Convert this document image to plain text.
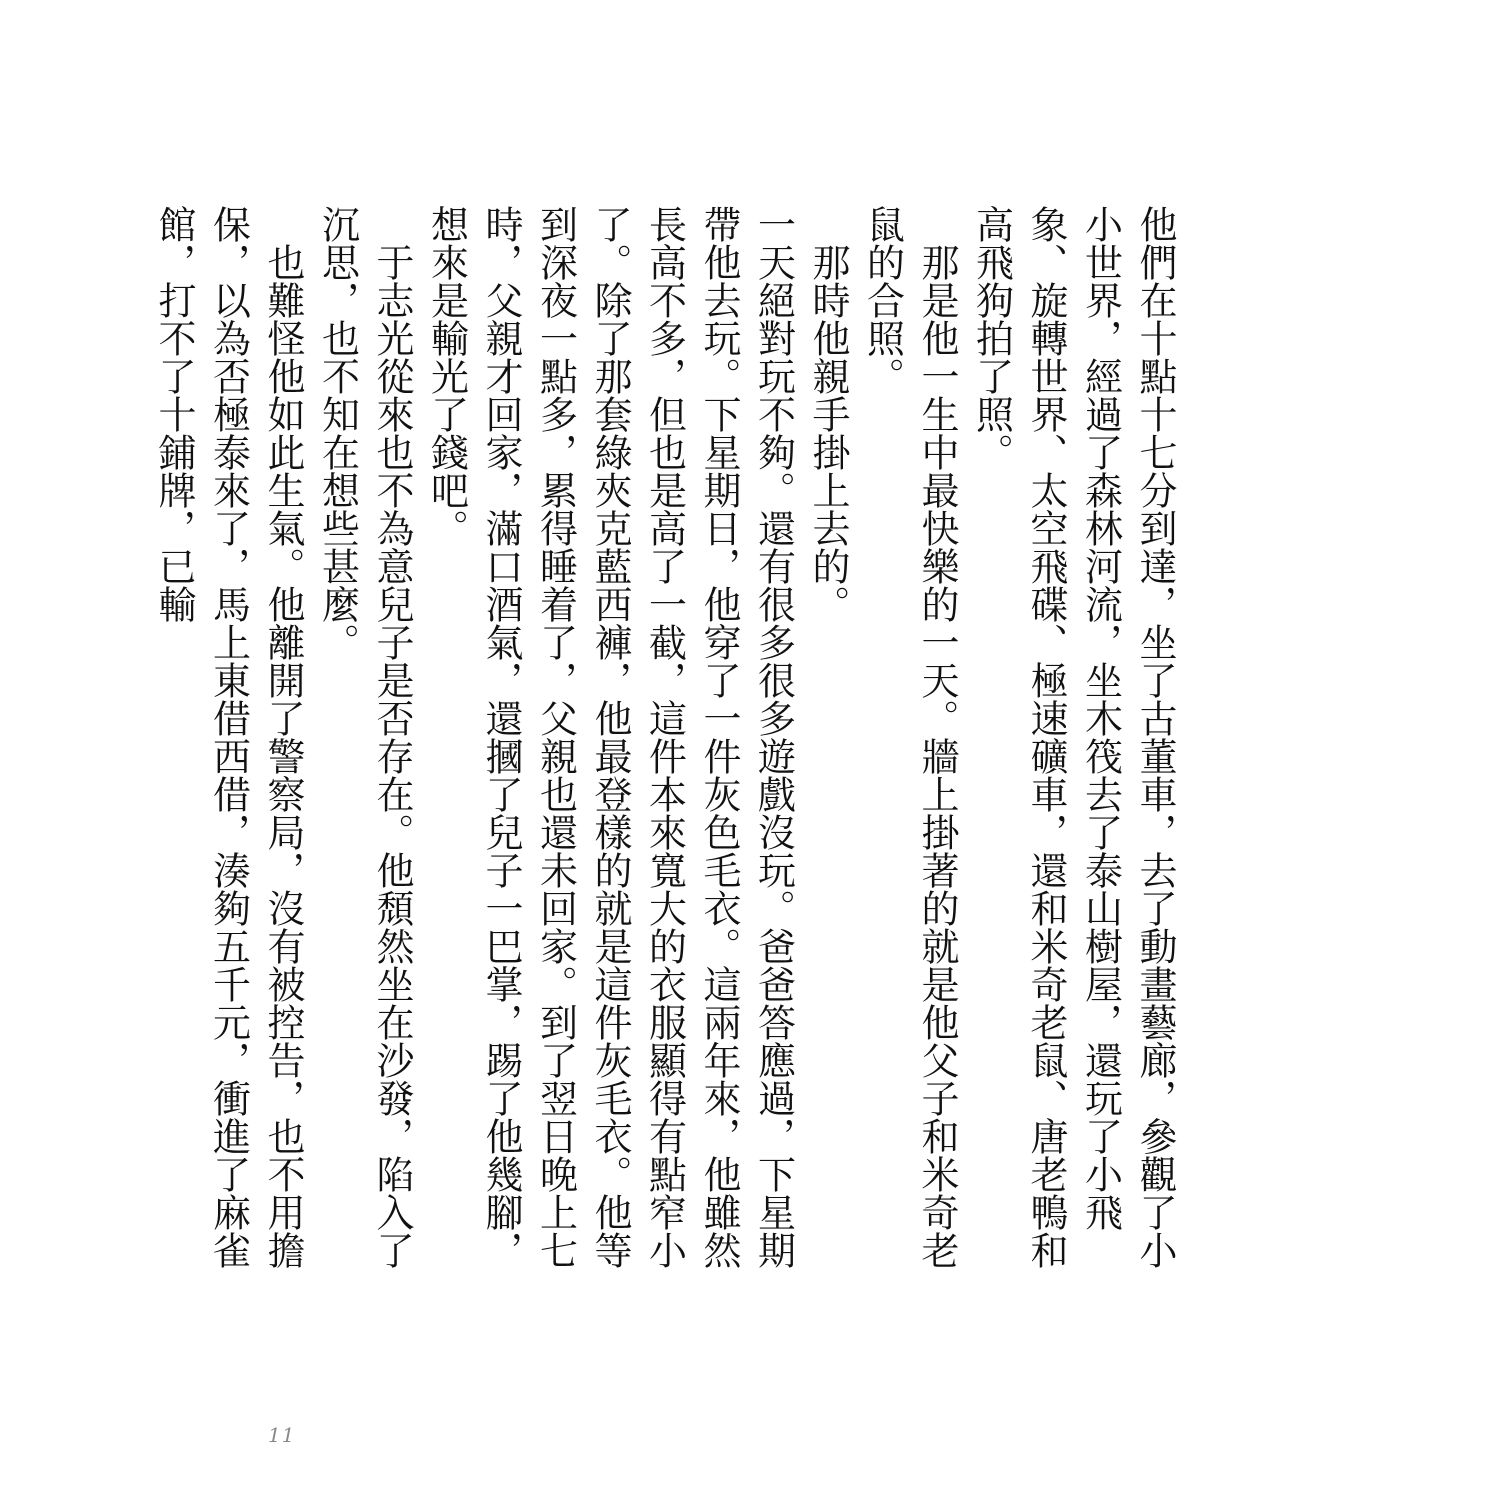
他們在十點十七分到達，坐了古董車，去了動畫藝廊，參觀了小小世界，經過了森林河流，坐木筏去了泰山樹屋，還玩了小飛象、旋轉世界、太空飛碟、極速礦車，還和米奇老鼠、唐老鴨和高飛狗拍了照。
那是他一生中最快樂的一天。牆上掛著的就是他父子和米奇老鼠的合照。
那時他親手掛上去的。
一天絕對玩不夠。還有很多很多遊戲沒玩。爸爸答應過，下星期帶他去玩。下星期日，他穿了一件灰色毛衣。這兩年來，他雖然長高不多，但也是高了一截，這件本來寬大的衣服顯得有點窄小了。除了那套綠夾克藍西褲，他最登樣的就是這件灰毛衣。他等到深夜一點多，累得睡着了，父親也還未回家。到了翌日晚上七時，父親才回家，滿口酒氣，還摑了兒子一巴掌，踢了他幾腳，想來是輸光了錢吧。
于志光從來也不為意兒子是否存在。他頹然坐在沙發，陷入了沉思，也不知在想些甚麼。
也難怪他如此生氣。他離開了警察局，沒有被控告，也不用擔保，以為否極泰來了，馬上東借西借，湊夠五千元，衝進了麻雀館，打不了十鋪牌，已輸
11
